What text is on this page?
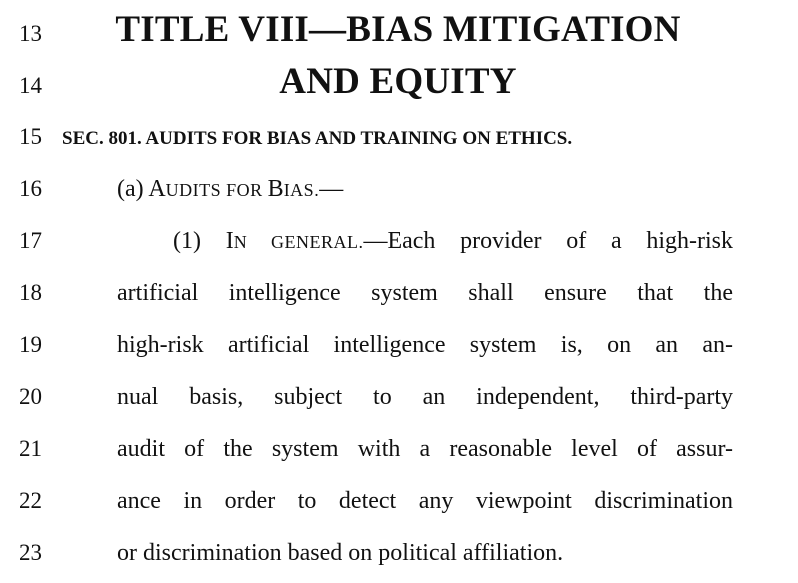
13	TITLE VIII—BIAS MITIGATION
14	AND EQUITY
15 SEC. 801. AUDITS FOR BIAS AND TRAINING ON ETHICS.
16	(a) AUDITS FOR BIAS.—
17	(1) IN GENERAL.—Each provider of a high-risk
18	artificial intelligence system shall ensure that the
19	high-risk artificial intelligence system is, on an an-
20	nual basis, subject to an independent, third-party
21	audit of the system with a reasonable level of assur-
22	ance in order to detect any viewpoint discrimination
23	or discrimination based on political affiliation.
